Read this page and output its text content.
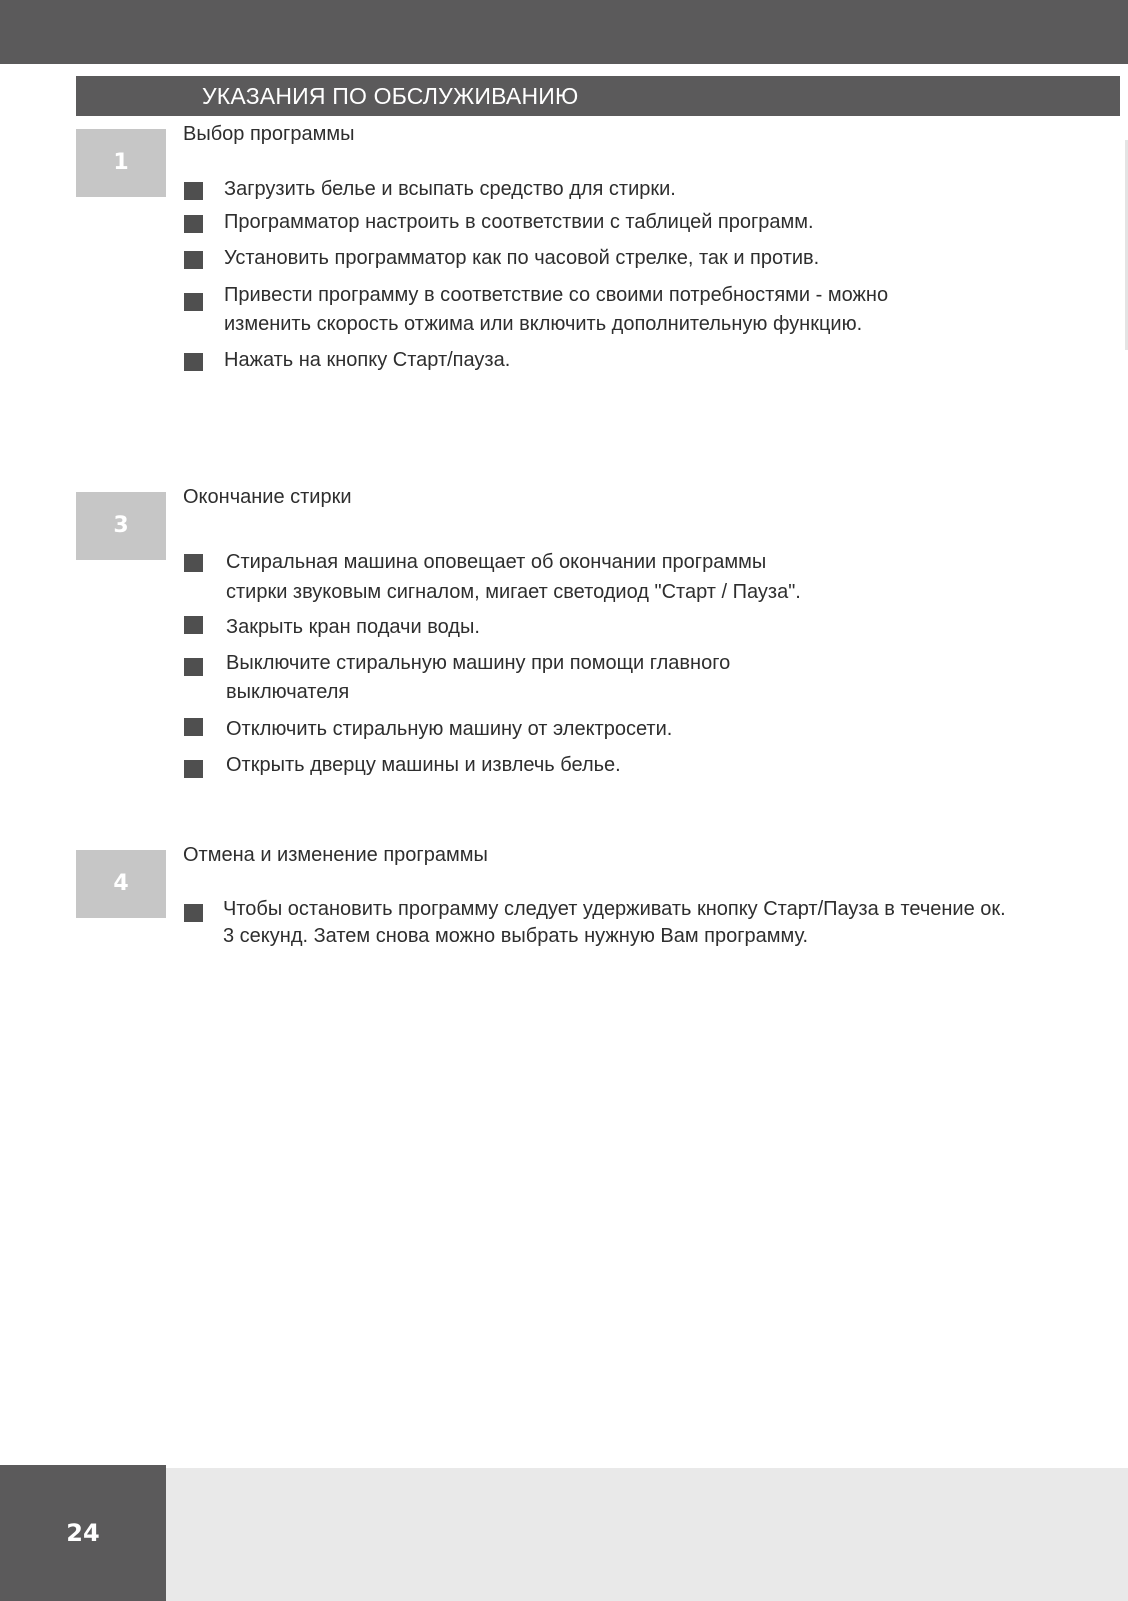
УКАЗАНИЯ ПО ОБСЛУЖИВАНИЮ
1
Выбор программы
Загрузить белье и всыпать средство для стирки.
Программатор настроить в соответствии с таблицей программ.
Установить программатор как по часовой стрелке, так и против.
Привести программу в соответствие со своими потребностями - можно изменить скорость отжима или включить дополнительную функцию.
Нажать на кнопку Старт/пауза.
3
Окончание стирки
Стиральная машина оповещает об окончании программы стирки звуковым сигналом, мигает светодиод "Старт / Пауза".
Закрыть кран подачи воды.
Выключите стиральную машину при помощи главного выключателя
Отключить стиральную машину от электросети.
Открыть дверцу машины и извлечь белье.
4
Отмена и изменение программы
Чтобы остановить программу следует удерживать кнопку Старт/Пауза в течение ок. 3 секунд. Затем снова можно выбрать нужную Вам программу.
24
